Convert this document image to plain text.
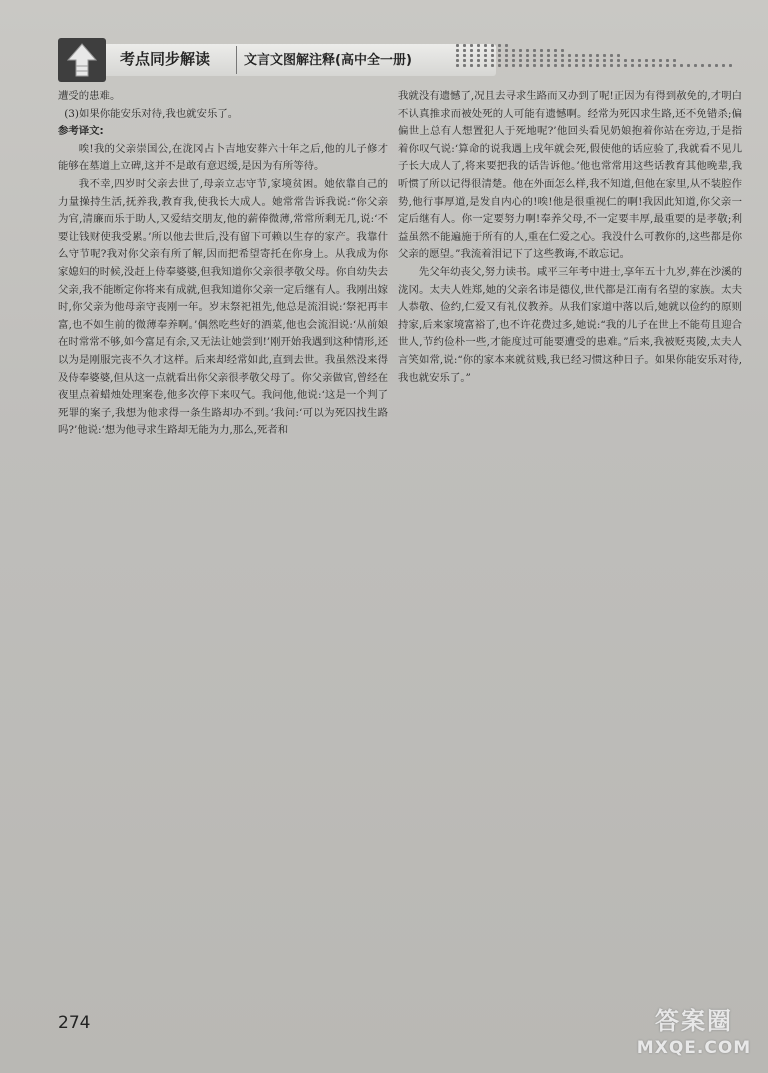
考点同步解读	文言文图解注释(高中全一册)

遭受的患难。

(3)如果你能安乐对待,我也就安乐了。

参考译文:

唉!我的父亲崇国公,在泷冈占卜吉地安葬六十年之后,他的儿子修才能够在墓道上立碑,这并不是敢有意迟缓,是因为有所等待。

我不幸,四岁时父亲去世了,母亲立志守节,家境贫困。她依靠自己的力量操持生活,抚养我,教育我,使我长大成人。她常常告诉我说:“你父亲为官,清廉而乐于助人,又爱结交朋友,他的薪俸微薄,常常所剩无几,说:‘不要让钱财使我受累。’所以他去世后,没有留下可赖以生存的家产。我靠什么守节呢?我对你父亲有所了解,因而把希望寄托在你身上。从我成为你家媳妇的时候,没赶上侍奉婆婆,但我知道你父亲很孝敬父母。你自幼失去父亲,我不能断定你将来有成就,但我知道你父亲一定后继有人。我刚出嫁时,你父亲为他母亲守丧刚一年。岁末祭祀祖先,他总是流泪说:‘祭祀再丰富,也不如生前的微薄奉养啊。’偶然吃些好的酒菜,他也会流泪说:‘从前娘在时常常不够,如今富足有余,又无法让她尝到!’刚开始我遇到这种情形,还以为是刚服完丧不久才这样。后来却经常如此,直到去世。我虽然没来得及侍奉婆婆,但从这一点就看出你父亲很孝敬父母了。你父亲做官,曾经在夜里点着蜡烛处理案卷,他多次停下来叹气。我问他,他说:‘这是一个判了死罪的案子,我想为他求得一条生路却办不到。’我问:‘可以为死囚找生路吗?’他说:‘想为他寻求生路却无能为力,那么,死者和

我就没有遗憾了,况且去寻求生路而又办到了呢!正因为有得到赦免的,才明白不认真推求而被处死的人可能有遗憾啊。经常为死囚求生路,还不免错杀;偏偏世上总有人想置犯人于死地呢?’他回头看见奶娘抱着你站在旁边,于是指着你叹气说:‘算命的说我遇上戌年就会死,假使他的话应验了,我就看不见儿子长大成人了,将来要把我的话告诉他。’他也常常用这些话教育其他晚辈,我听惯了所以记得很清楚。他在外面怎么样,我不知道,但他在家里,从不装腔作势,他行事厚道,是发自内心的!唉!他是很重视仁的啊!我因此知道,你父亲一定后继有人。你一定要努力啊!奉养父母,不一定要丰厚,最重要的是孝敬;利益虽然不能遍施于所有的人,重在仁爱之心。我没什么可教你的,这些都是你父亲的愿望。”我流着泪记下了这些教诲,不敢忘记。

先父年幼丧父,努力读书。咸平三年考中进士,享年五十九岁,葬在沙溪的泷冈。太夫人姓郑,她的父亲名讳是德仪,世代都是江南有名望的家族。太夫人恭敬、俭约,仁爱又有礼仪教养。从我们家道中落以后,她就以俭约的原则持家,后来家境富裕了,也不许花费过多,她说:“我的儿子在世上不能苟且迎合世人,节约俭朴一些,才能度过可能要遭受的患难。”后来,我被贬夷陵,太夫人言笑如常,说:“你的家本来就贫贱,我已经习惯这种日子。如果你能安乐对待,我也就安乐了。”

274	答案圈
MXQE.COM
